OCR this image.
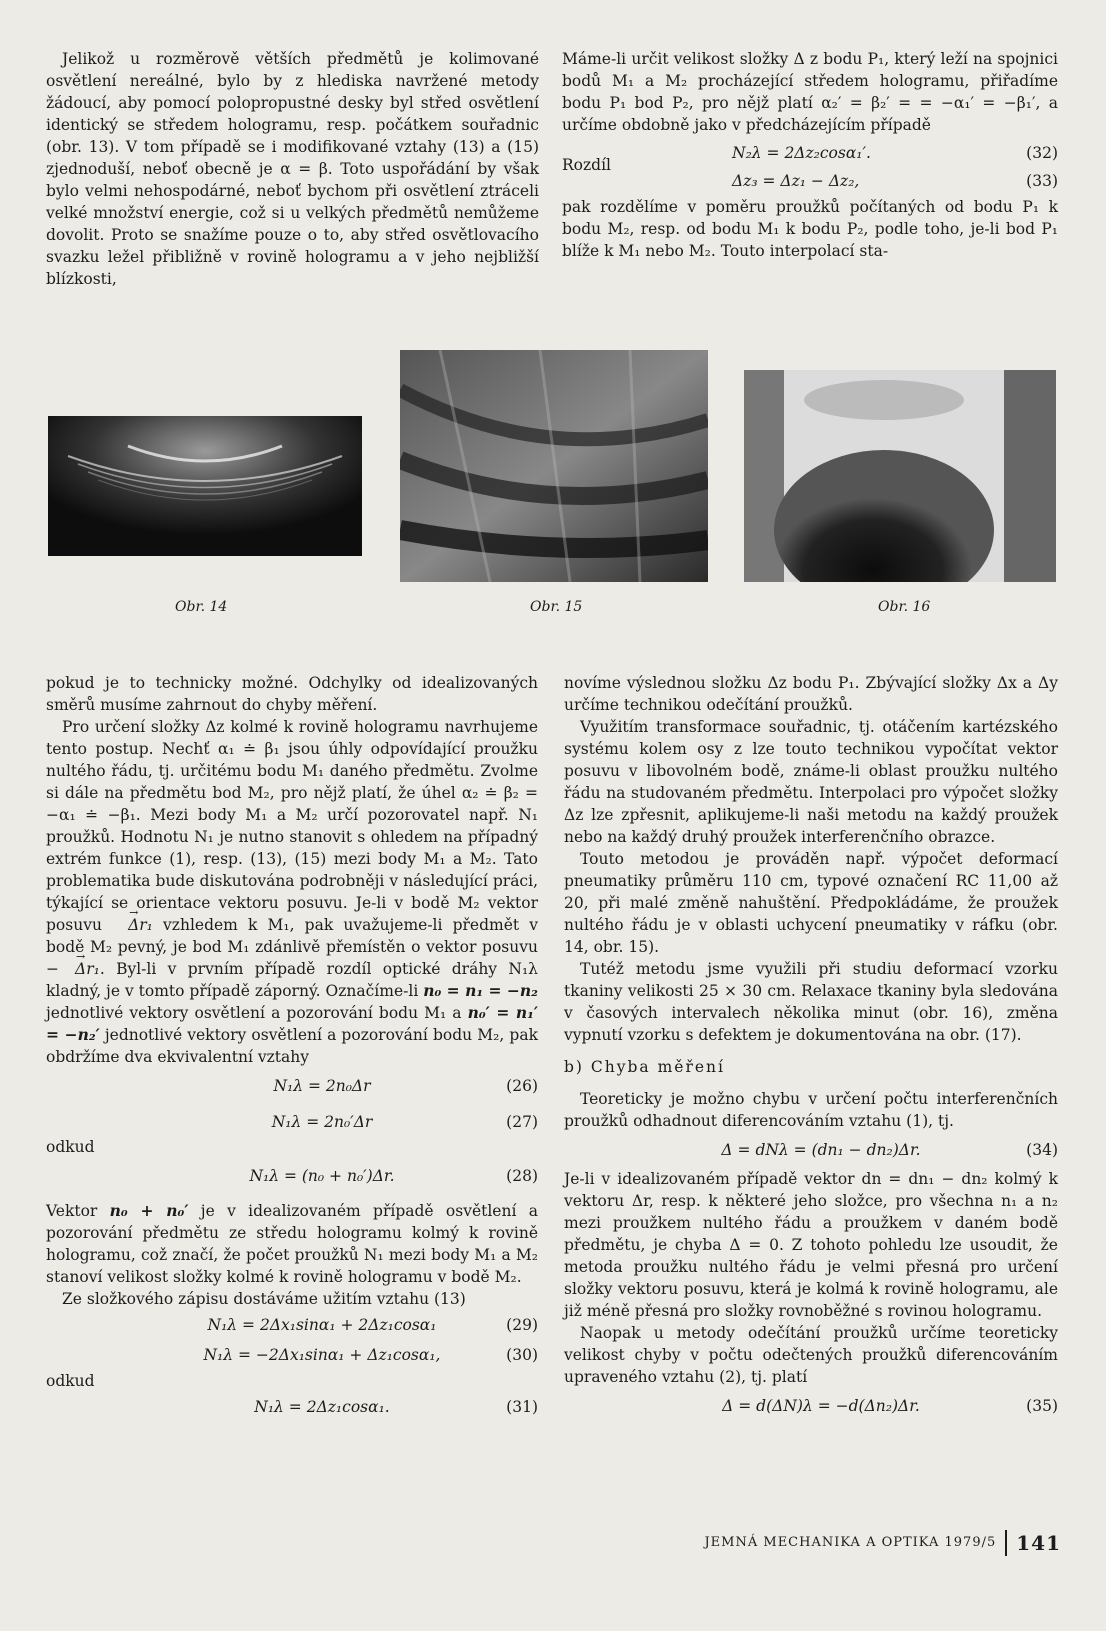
Jelikož u rozměrově větších předmětů je kolimované osvětlení nereálné, bylo by z hlediska navržené metody žádoucí, aby pomocí polopropustné desky byl střed osvětlení identický se středem hologramu, resp. počátkem souřadnic (obr. 13). V tom případě se i modifikované vztahy (13) a (15) zjednoduší, neboť obecně je α = β. Toto uspořádání by však bylo velmi nehospodárné, neboť bychom při osvětlení ztráceli velké množství energie, což si u velkých předmětů nemůžeme dovolit. Proto se snažíme pouze o to, aby střed osvětlovacího svazku ležel přibližně v rovině hologramu a v jeho nejbližší blízkosti,

Máme-li určit velikost složky Δ z bodu P₁, který leží na spojnici bodů M₁ a M₂ procházející středem hologramu, přiřadíme bodu P₁ bod P₂, pro nějž platí α₂′ = β₂′ = = −α₁′ = −β₁′, a určíme obdobně jako v předcházejícím případě

Rozdíl
N₂λ = 2Δz₂cosα₁′.	(32)
Δz₃ = Δz₁ − Δz₂,	(33)

pak rozdělíme v poměru proužků počítaných od bodu P₁ k bodu M₂, resp. od bodu M₁ k bodu P₂, podle toho, je-li bod P₁ blíže k M₁ nebo M₂. Touto interpolací sta-

Obr. 14	Obr. 15	Obr. 16

pokud je to technicky možné. Odchylky od idealizovaných směrů musíme zahrnout do chyby měření.

Pro určení složky Δz kolmé k rovině hologramu navrhujeme tento postup. Nechť α₁ ≐ β₁ jsou úhly odpovídající proužku nultého řádu, tj. určitému bodu M₁ daného předmětu. Zvolme si dále na předmětu bod M₂, pro nějž platí, že úhel α₂ ≐ β₂ = −α₁ ≐ −β₁. Mezi body M₁ a M₂ určí pozorovatel např. N₁ proužků. Hodnotu N₁ je nutno stanovit s ohledem na případný extrém funkce (1), resp. (13), (15) mezi body M₁ a M₂. Tato problematika bude diskutována podrobněji v následující práci, týkající se orientace vektoru posuvu. Je-li v bodě M₂ vektor posuvu → Δr₁ vzhledem k M₁, pak uvažujeme-li předmět v bodě M₂ pevný, je bod M₁ zdánlivě přemístěn o vektor posuvu − → Δr₁. Byl-li v prvním případě rozdíl optické dráhy N₁λ kladný, je v tomto případě záporný. Označíme-li n₀ = n₁ = −n₂ jednotlivé vektory osvětlení a pozorování bodu M₁ a n₀′ = n₁′ = −n₂′ jednotlivé vektory osvětlení a pozorování bodu M₂, pak obdržíme dva ekvivalentní vztahy

N₁λ = 2n₀Δr	(26)
N₁λ = 2n₀′Δr	(27)
odkud
N₁λ = (n₀ + n₀′)Δr.	(28)

Vektor n₀ + n₀′ je v idealizovaném případě osvětlení a pozorování předmětu ze středu hologramu kolmý k rovině hologramu, což značí, že počet proužků N₁ mezi body M₁ a M₂ stanoví velikost složky kolmé k rovině hologramu v bodě M₂.

Ze složkového zápisu dostáváme užitím vztahu (13)

N₁λ = 2Δx₁sinα₁ + 2Δz₁cosα₁	(29)
N₁λ = −2Δx₁sinα₁ + Δz₁cosα₁,	(30)
odkud
N₁λ = 2Δz₁cosα₁.	(31)

novíme výslednou složku Δz bodu P₁. Zbývající složky Δx a Δy určíme technikou odečítání proužků.

Využitím transformace souřadnic, tj. otáčením kartézského systému kolem osy z lze touto technikou vypočítat vektor posuvu v libovolném bodě, známe-li oblast proužku nultého řádu na studovaném předmětu. Interpolaci pro výpočet složky Δz lze zpřesnit, aplikujeme-li naši metodu na každý proužek nebo na každý druhý proužek interferenčního obrazce.

Touto metodou je prováděn např. výpočet deformací pneumatiky průměru 110 cm, typové označení RC 11,00 až 20, při malé změně nahuštění. Předpokládáme, že proužek nultého řádu je v oblasti uchycení pneumatiky v ráfku (obr. 14, obr. 15).

Tutéž metodu jsme využili při studiu deformací vzorku tkaniny velikosti 25 × 30 cm. Relaxace tkaniny byla sledována v časových intervalech několika minut (obr. 16), změna vypnutí vzorku s defektem je dokumentována na obr. (17).

b) Chyba měření

Teoreticky je možno chybu v určení počtu interferenčních proužků odhadnout diferencováním vztahu (1), tj.

Δ = dNλ = (dn₁ − dn₂)Δr.	(34)

Je-li v idealizovaném případě vektor dn = dn₁ − dn₂ kolmý k vektoru Δr, resp. k některé jeho složce, pro všechna n₁ a n₂ mezi proužkem nultého řádu a proužkem v daném bodě předmětu, je chyba Δ = 0. Z tohoto pohledu lze usoudit, že metoda proužku nultého řádu je velmi přesná pro určení složky vektoru posuvu, která je kolmá k rovině hologramu, ale již méně přesná pro složky rovnoběžné s rovinou hologramu.

Naopak u metody odečítání proužků určíme teoreticky velikost chyby v počtu odečtených proužků diferencováním upraveného vztahu (2), tj. platí

Δ = d(ΔN)λ = −d(Δn₂)Δr.	(35)
JEMNÁ MECHANIKA A OPTIKA 1979/5 141
